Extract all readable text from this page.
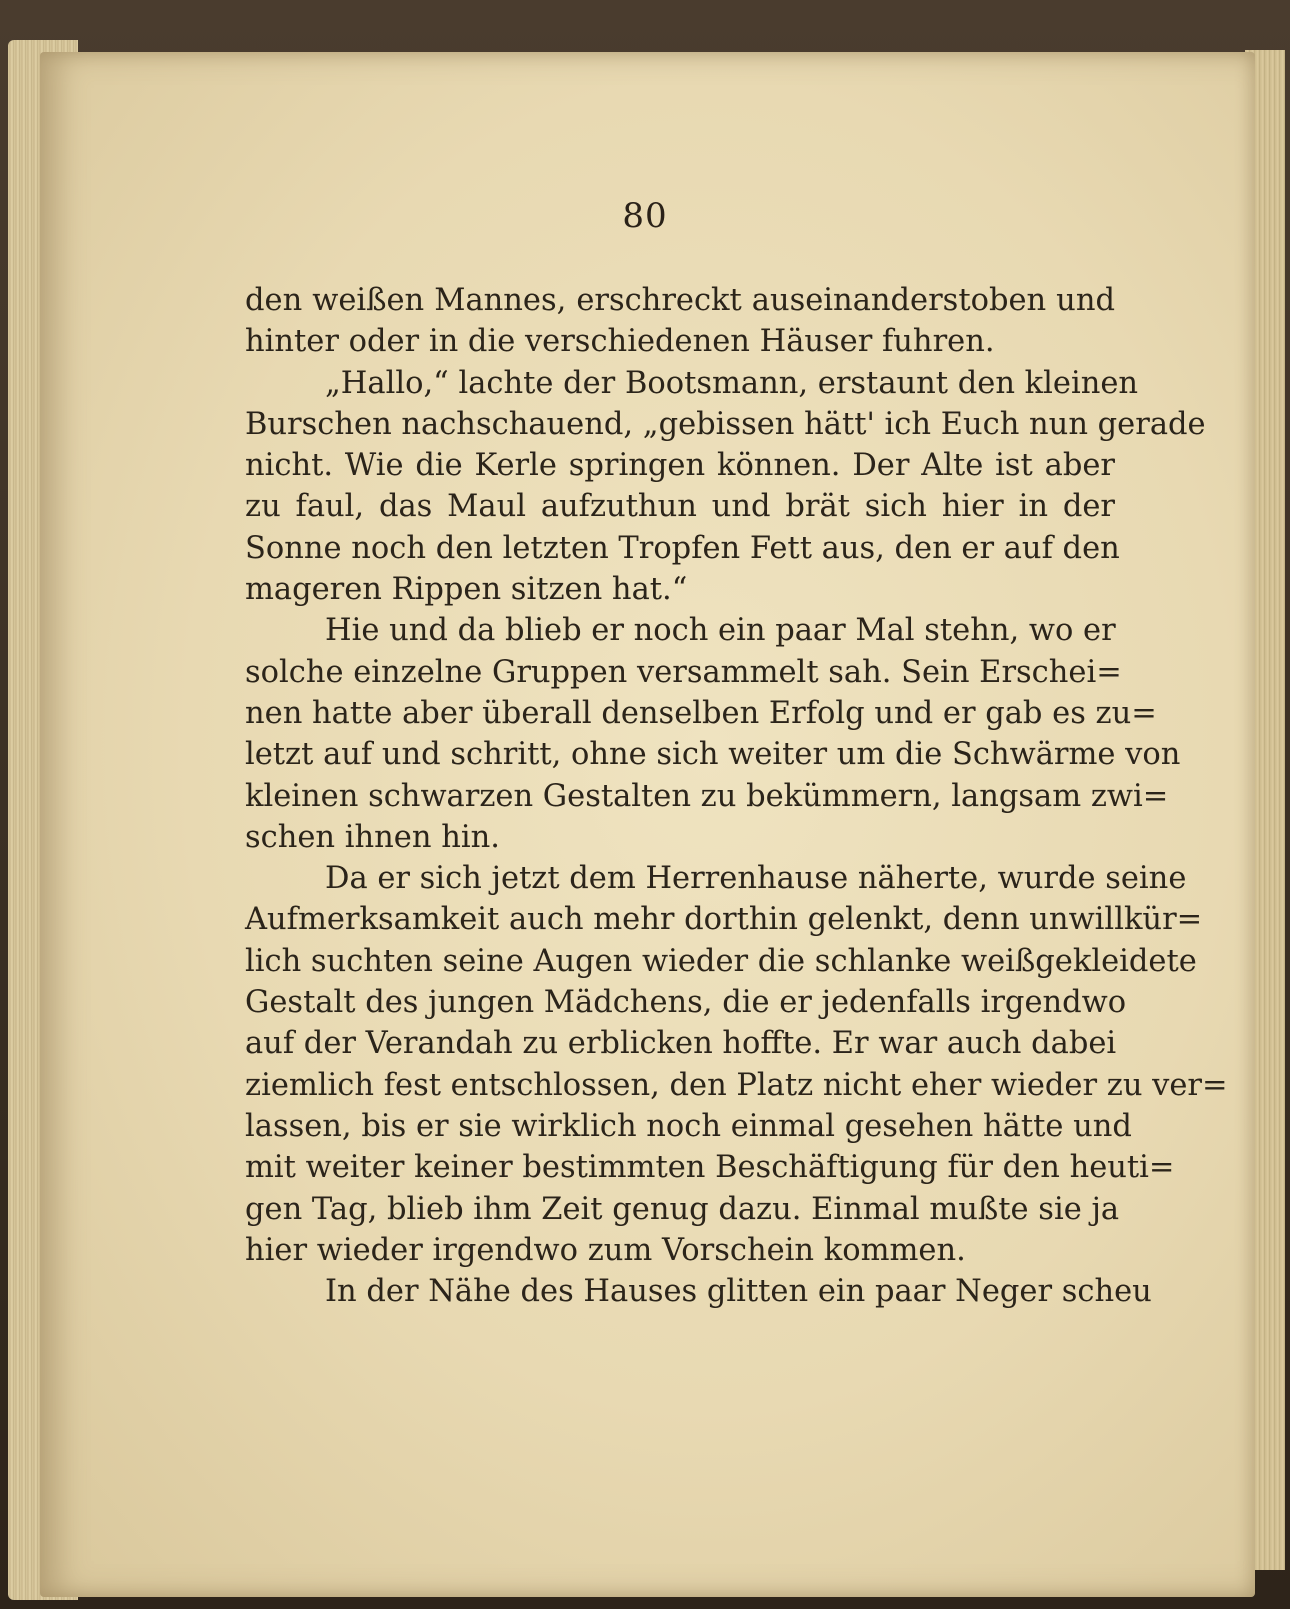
80
den weißen Mannes, erschreckt auseinanderstoben und
hinter oder in die verschiedenen Häuser fuhren.
„Hallo,“ lachte der Bootsmann, erstaunt den kleinen
Burschen nachschauend, „gebissen hätt' ich Euch nun gerade
nicht. Wie die Kerle springen können. Der Alte ist aber
zu faul, das Maul aufzuthun und brät sich hier in der
Sonne noch den letzten Tropfen Fett aus, den er auf den
mageren Rippen sitzen hat.“
Hie und da blieb er noch ein paar Mal stehn, wo er
solche einzelne Gruppen versammelt sah. Sein Erschei=
nen hatte aber überall denselben Erfolg und er gab es zu=
letzt auf und schritt, ohne sich weiter um die Schwärme von
kleinen schwarzen Gestalten zu bekümmern, langsam zwi=
schen ihnen hin.
Da er sich jetzt dem Herrenhause näherte, wurde seine
Aufmerksamkeit auch mehr dorthin gelenkt, denn unwillkür=
lich suchten seine Augen wieder die schlanke weißgekleidete
Gestalt des jungen Mädchens, die er jedenfalls irgendwo
auf der Verandah zu erblicken hoffte. Er war auch dabei
ziemlich fest entschlossen, den Platz nicht eher wieder zu ver=
lassen, bis er sie wirklich noch einmal gesehen hätte und
mit weiter keiner bestimmten Beschäftigung für den heuti=
gen Tag, blieb ihm Zeit genug dazu. Einmal mußte sie ja
hier wieder irgendwo zum Vorschein kommen.
In der Nähe des Hauses glitten ein paar Neger scheu
